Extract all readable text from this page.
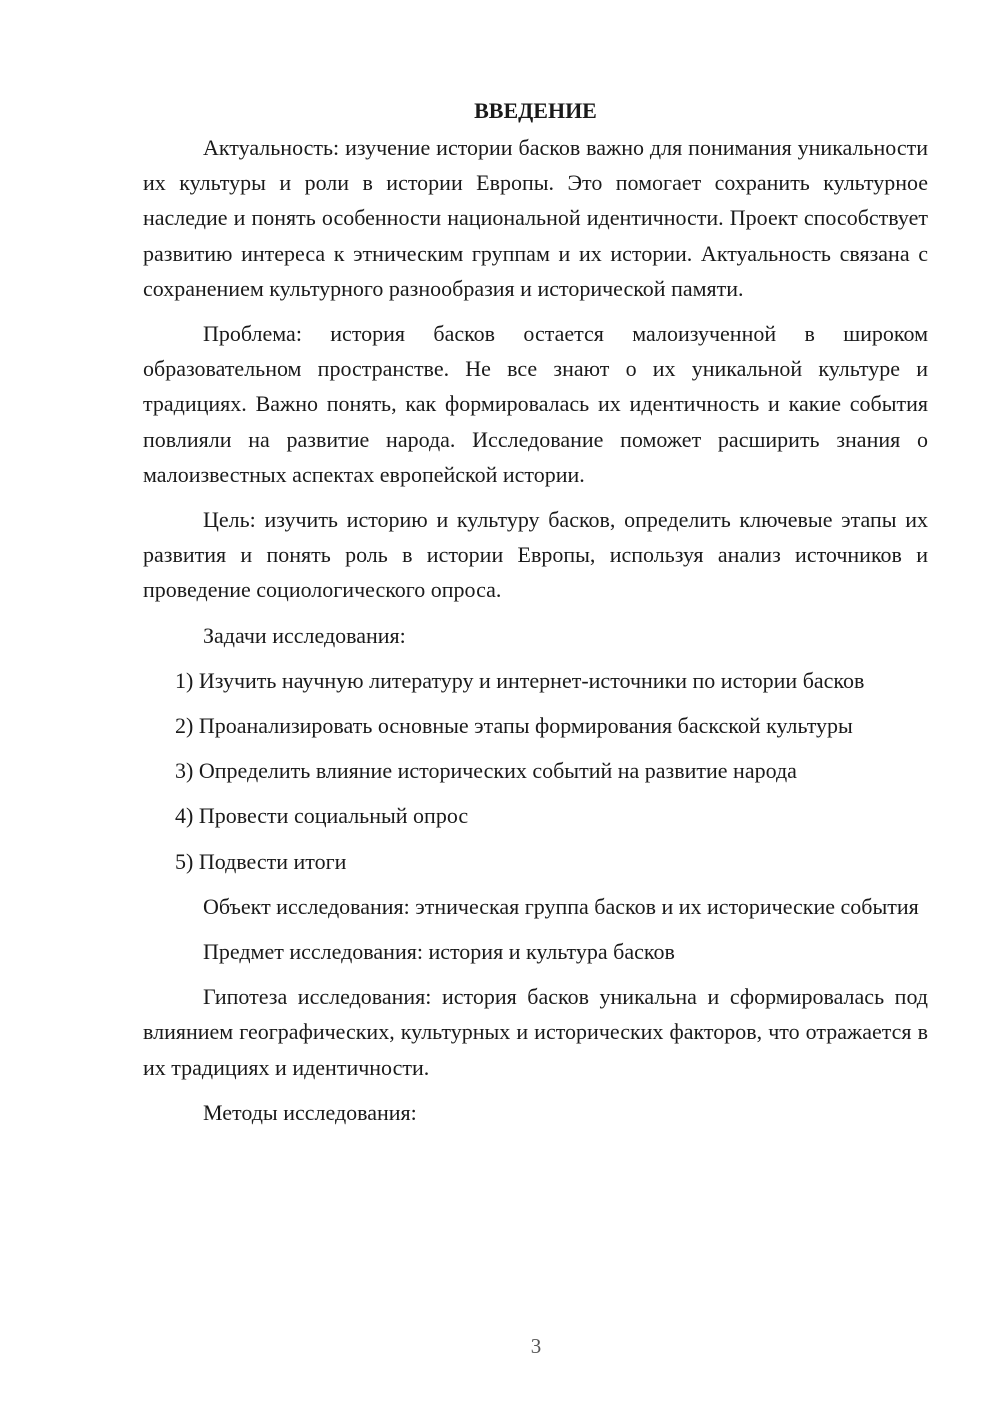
ВВЕДЕНИЕ

Актуальность: изучение истории басков важно для понимания уникальности их культуры и роли в истории Европы. Это помогает сохранить культурное наследие и понять особенности национальной идентичности. Проект способствует развитию интереса к этническим группам и их истории. Актуальность связана с сохранением культурного разнообразия и исторической памяти.

Проблема: история басков остается малоизученной в широком образовательном пространстве. Не все знают о их уникальной культуре и традициях. Важно понять, как формировалась их идентичность и какие события повлияли на развитие народа. Исследование поможет расширить знания о малоизвестных аспектах европейской истории.

Цель: изучить историю и культуру басков, определить ключевые этапы их развития и понять роль в истории Европы, используя анализ источников и проведение социологического опроса.

Задачи исследования:

1) Изучить научную литературу и интернет-источники по истории басков

2) Проанализировать основные этапы формирования баскской культуры

3) Определить влияние исторических событий на развитие народа

4) Провести социальный опрос

5) Подвести итоги

Объект исследования: этническая группа басков и их исторические события

Предмет исследования: история и культура басков

Гипотеза исследования: история басков уникальна и сформировалась под влиянием географических, культурных и исторических факторов, что отражается в их традициях и идентичности.

Методы исследования:

3
